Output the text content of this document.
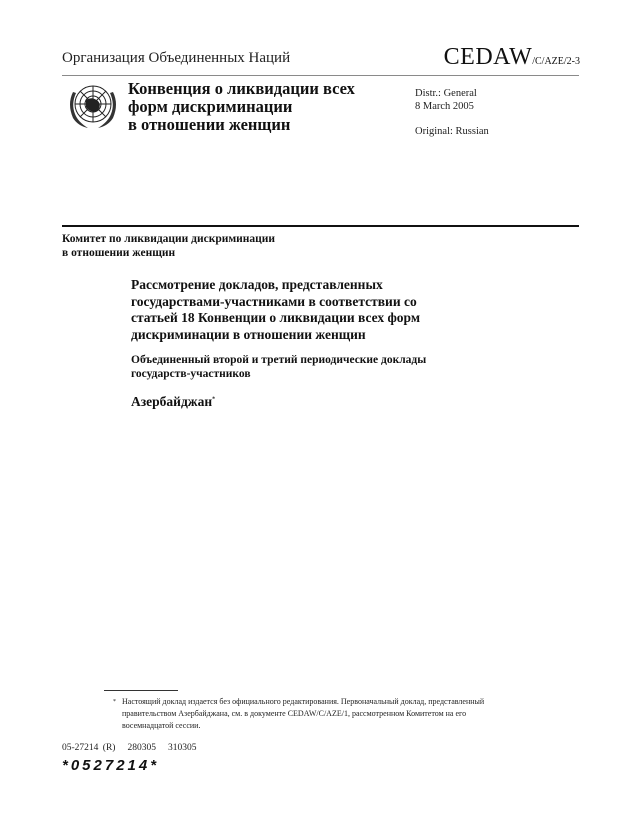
Организация Объединенных Наций	CEDAW/C/AZE/2-3
Конвенция о ликвидации всех
форм дискриминации
в отношении женщин
Distr.: General
8 March 2005
Original: Russian
Комитет по ликвидации дискриминации
в отношении женщин
Рассмотрение докладов, представленных
государствами-участниками в соответствии со
статьей 18 Конвенции о ликвидации всех форм
дискриминации в отношении женщин
Объединенный второй и третий периодические доклады
государств-участников
Азербайджан*
* Настоящий доклад издается без официального редактирования. Первоначальный доклад, представленный правительством Азербайджана, см. в документе CEDAW/C/AZE/1, рассмотренном Комитетом на его восемнадцатой сессии.
05-27214 (R) 280305 310305
*0527214*
